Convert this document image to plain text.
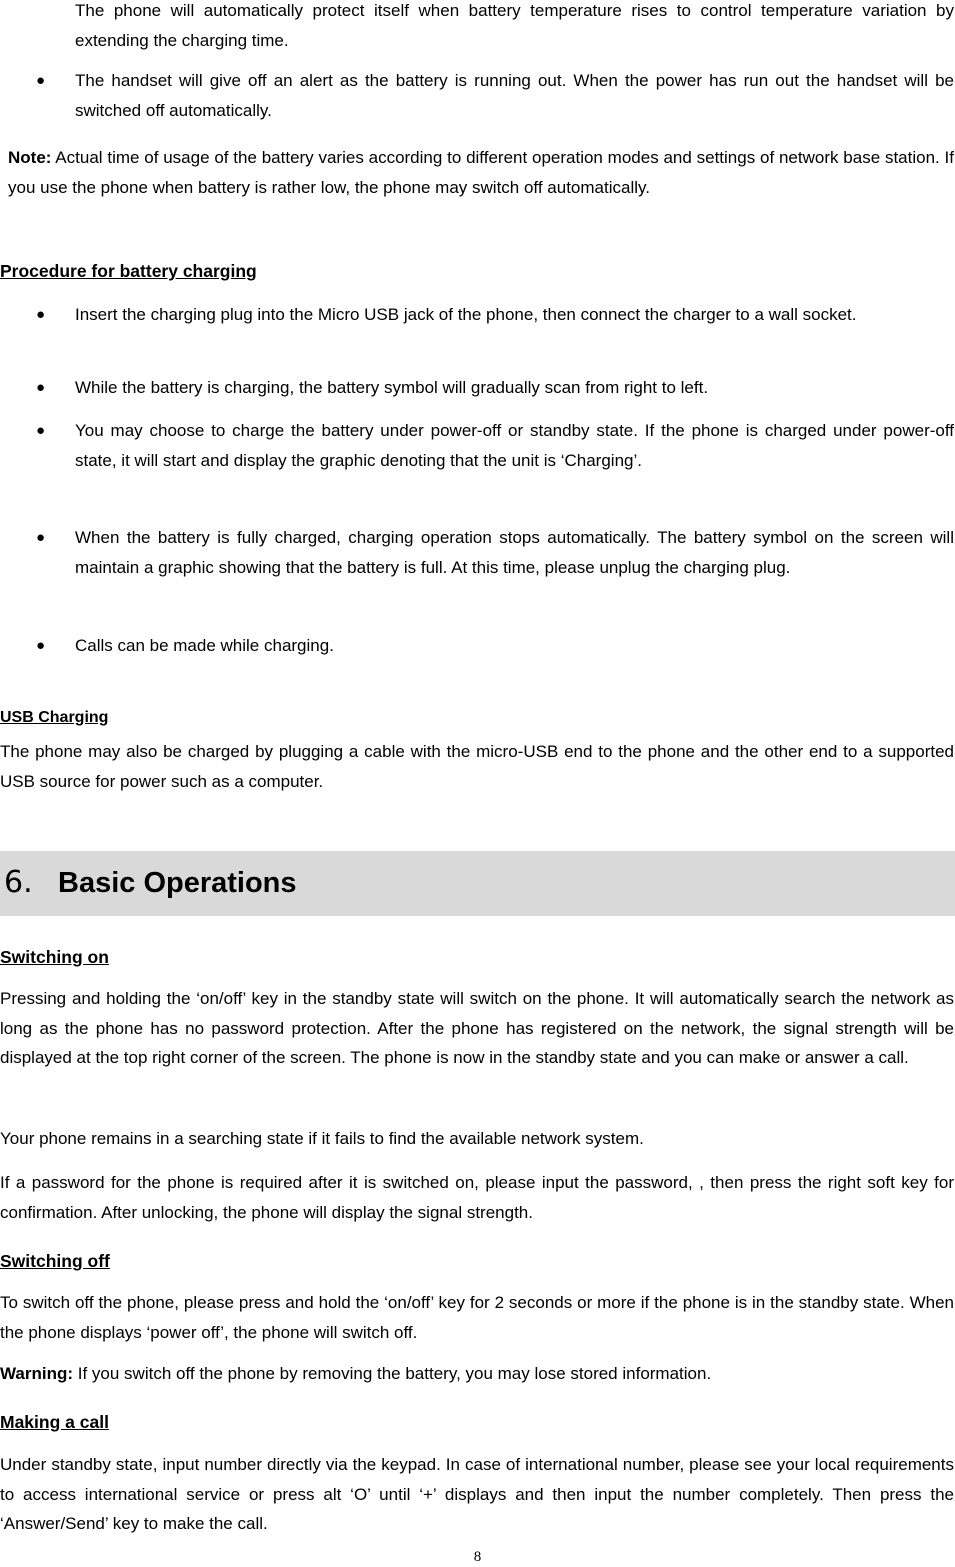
The phone will automatically protect itself when battery temperature rises to control temperature variation by extending the charging time.
● The handset will give off an alert as the battery is running out. When the power has run out the handset will be switched off automatically.
Note: Actual time of usage of the battery varies according to different operation modes and settings of network base station. If you use the phone when battery is rather low, the phone may switch off automatically.
Procedure for battery charging
● Insert the charging plug into the Micro USB jack of the phone, then connect the charger to a wall socket.
● While the battery is charging, the battery symbol will gradually scan from right to left.
● You may choose to charge the battery under power-off or standby state. If the phone is charged under power-off state, it will start and display the graphic denoting that the unit is ‘Charging’.
● When the battery is fully charged, charging operation stops automatically. The battery symbol on the screen will maintain a graphic showing that the battery is full. At this time, please unplug the charging plug.
● Calls can be made while charging.
USB Charging
The phone may also be charged by plugging a cable with the micro-USB end to the phone and the other end to a supported USB source for power such as a computer.
6. Basic Operations
Switching on
Pressing and holding the ‘on/off’ key in the standby state will switch on the phone. It will automatically search the network as long as the phone has no password protection. After the phone has registered on the network, the signal strength will be displayed at the top right corner of the screen. The phone is now in the standby state and you can make or answer a call.
Your phone remains in a searching state if it fails to find the available network system.
If a password for the phone is required after it is switched on, please input the password, , then press the right soft key for confirmation. After unlocking, the phone will display the signal strength.
Switching off
To switch off the phone, please press and hold the ‘on/off’ key for 2 seconds or more if the phone is in the standby state. When the phone displays ‘power off’, the phone will switch off.
Warning: If you switch off the phone by removing the battery, you may lose stored information.
Making a call
Under standby state, input number directly via the keypad. In case of international number, please see your local requirements to access international service or press alt ‘O’ until ‘+’ displays and then input the number completely. Then press the ‘Answer/Send’ key to make the call.
8
